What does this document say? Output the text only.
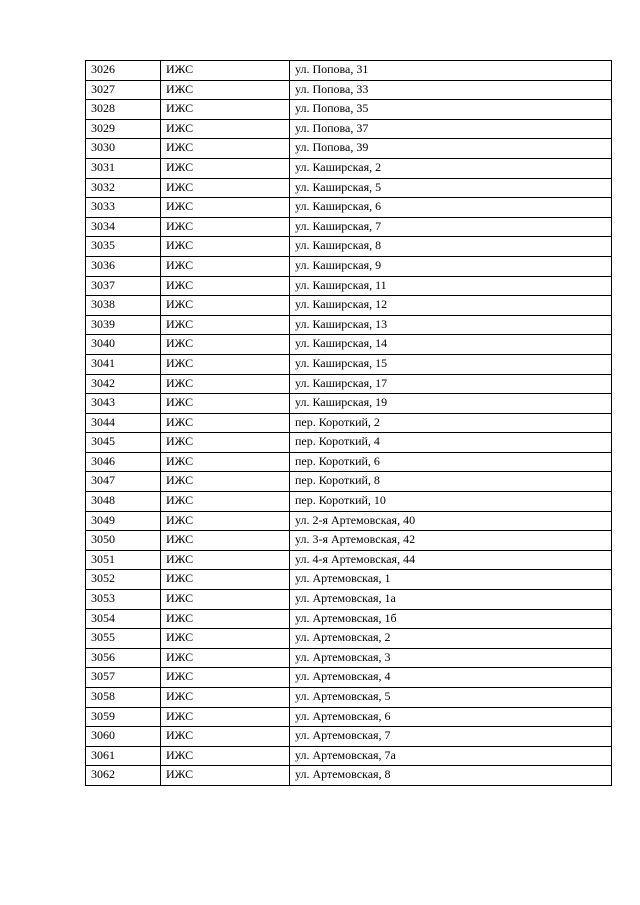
3026	ИЖС	ул. Попова, 31

3027	ИЖС	ул. Попова, 33

3028	ИЖС	ул. Попова, 35

3029	ИЖС	ул. Попова, 37

3030	ИЖС	ул. Попова, 39

3031	ИЖС	ул. Каширская, 2

3032	ИЖС	ул. Каширская, 5

3033	ИЖС	ул. Каширская, 6

3034	ИЖС	ул. Каширская, 7

3035	ИЖС	ул. Каширская, 8

3036	ИЖС	ул. Каширская, 9

3037	ИЖС	ул. Каширская, 11

3038	ИЖС	ул. Каширская, 12

3039	ИЖС	ул. Каширская, 13

3040	ИЖС	ул. Каширская, 14

3041	ИЖС	ул. Каширская, 15

3042	ИЖС	ул. Каширская, 17

3043	ИЖС	ул. Каширская, 19

3044	ИЖС	пер. Короткий, 2

3045	ИЖС	пер. Короткий, 4

3046	ИЖС	пер. Короткий, 6

3047	ИЖС	пер. Короткий, 8

3048	ИЖС	пер. Короткий, 10

3049	ИЖС	ул. 2-я Артемовская, 40

3050	ИЖС	ул. 3-я Артемовская, 42

3051	ИЖС	ул. 4-я Артемовская, 44

3052	ИЖС	ул. Артемовская, 1

3053	ИЖС	ул. Артемовская, 1а

3054	ИЖС	ул. Артемовская, 1б

3055	ИЖС	ул. Артемовская, 2

3056	ИЖС	ул. Артемовская, 3

3057	ИЖС	ул. Артемовская, 4

3058	ИЖС	ул. Артемовская, 5

3059	ИЖС	ул. Артемовская, 6

3060	ИЖС	ул. Артемовская, 7

3061	ИЖС	ул. Артемовская, 7а

3062	ИЖС	ул. Артемовская, 8
